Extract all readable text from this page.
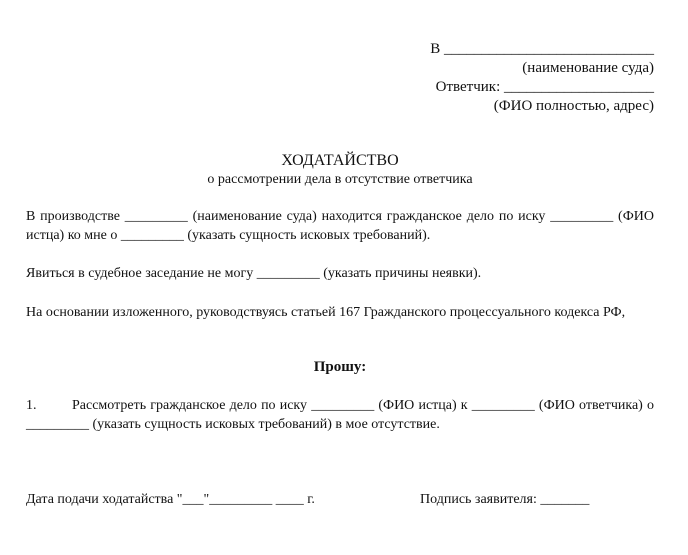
В ____________________________
(наименование суда)
Ответчик: ____________________
(ФИО полностью, адрес)
ХОДАТАЙСТВО
о рассмотрении дела в отсутствие ответчика
В производстве _________ (наименование суда) находится гражданское дело по иску _________ (ФИО истца) ко мне о _________ (указать сущность исковых требований).
Явиться в судебное заседание не могу _________ (указать причины неявки).
На основании изложенного, руководствуясь статьей 167 Гражданского процессуального кодекса РФ,
Прошу:
1.	Рассмотреть гражданское дело по иску _________ (ФИО истца) к _________ (ФИО ответчика) о _________ (указать сущность исковых требований) в мое отсутствие.
Дата подачи ходатайства "___"_________ ____ г.	Подпись заявителя: _______
